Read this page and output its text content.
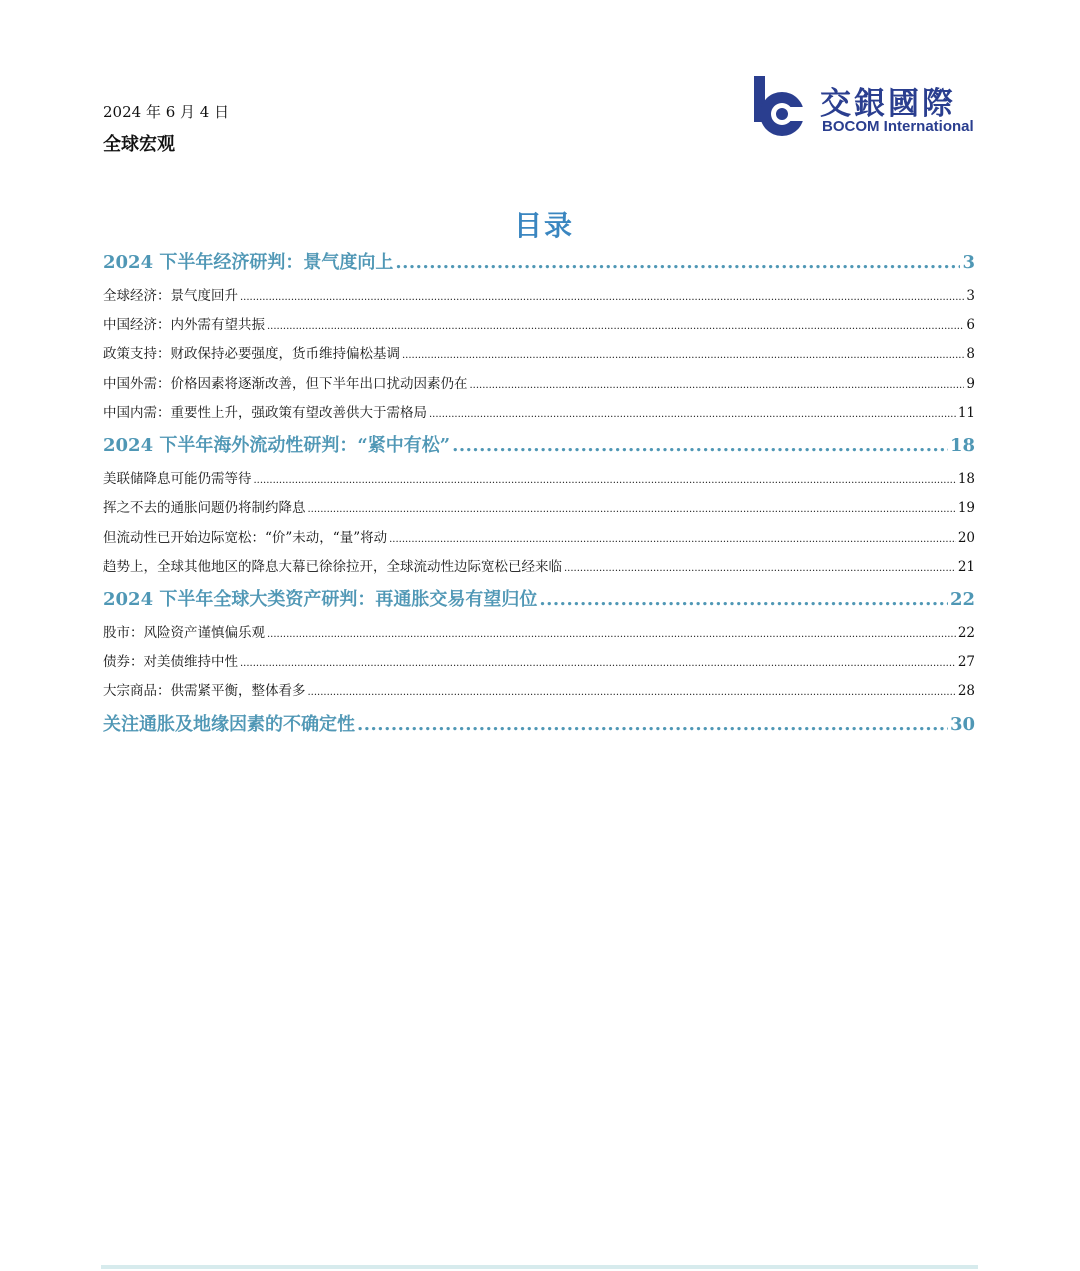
2024 年 6 月 4 日
全球宏观
交銀國際
BOCOM International
目录
2024 下半年经济研判：景气度向上 .....	3
全球经济：景气度回升 .....	3
中国经济：内外需有望共振 .....	6
政策支持：财政保持必要强度，货币维持偏松基调 .....	8
中国外需：价格因素将逐渐改善，但下半年出口扰动因素仍在 .....	9
中国内需：重要性上升，强政策有望改善供大于需格局 .....	11
2024 下半年海外流动性研判：“紧中有松” .....	18
美联储降息可能仍需等待 .....	18
挥之不去的通胀问题仍将制约降息 .....	19
但流动性已开始边际宽松：“价”未动，“量”将动 .....	20
趋势上，全球其他地区的降息大幕已徐徐拉开，全球流动性边际宽松已经来临 .....	21
2024 下半年全球大类资产研判：再通胀交易有望归位 .....	22
股市：风险资产谨慎偏乐观 .....	22
债券：对美债维持中性 .....	27
大宗商品：供需紧平衡，整体看多 .....	28
关注通胀及地缘因素的不确定性 .....	30
